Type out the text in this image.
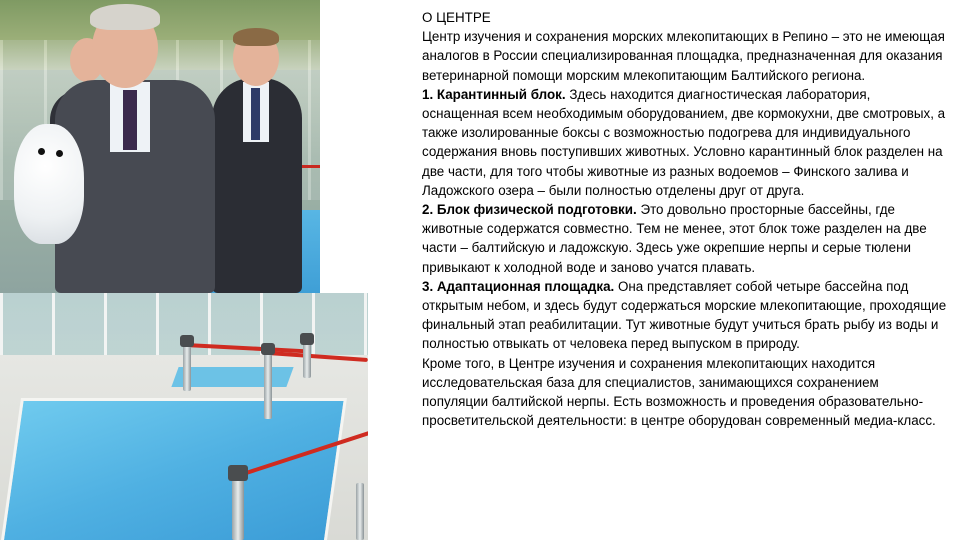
О ЦЕНТРЕ

Центр изучения и сохранения морских млекопитающих в Репино – это не имеющая аналогов в России специализированная площадка, предназначенная для оказания ветеринарной помощи морским млекопитающим Балтийского региона.

1. Карантинный блок. Здесь находится диагностическая лаборатория, оснащенная всем необходимым оборудованием, две кормокухни, две смотровых, а также изолированные боксы с возможностью подогрева для индивидуального содержания вновь поступивших животных. Условно карантинный блок разделен на две части, для того чтобы животные из разных водоемов – Финского залива и Ладожского озера – были полностью отделены друг от друга.

2. Блок физической подготовки. Это довольно просторные бассейны, где животные содержатся совместно. Тем не менее, этот блок тоже разделен на две части – балтийскую и ладожскую. Здесь уже окрепшие нерпы и серые тюлени привыкают к холодной воде и заново учатся плавать.

3. Адаптационная площадка. Она представляет собой четыре бассейна под открытым небом, и здесь будут содержаться морские млекопитающие, проходящие финальный этап реабилитации. Тут животные будут учиться брать рыбу из воды и полностью отвыкать от человека перед выпуском в природу.

Кроме того, в Центре изучения и сохранения млекопитающих находится исследовательская база для специалистов, занимающихся сохранением популяции балтийской нерпы. Есть возможность и проведения образовательно-просветительской деятельности: в центре оборудован современный медиа-класс.
